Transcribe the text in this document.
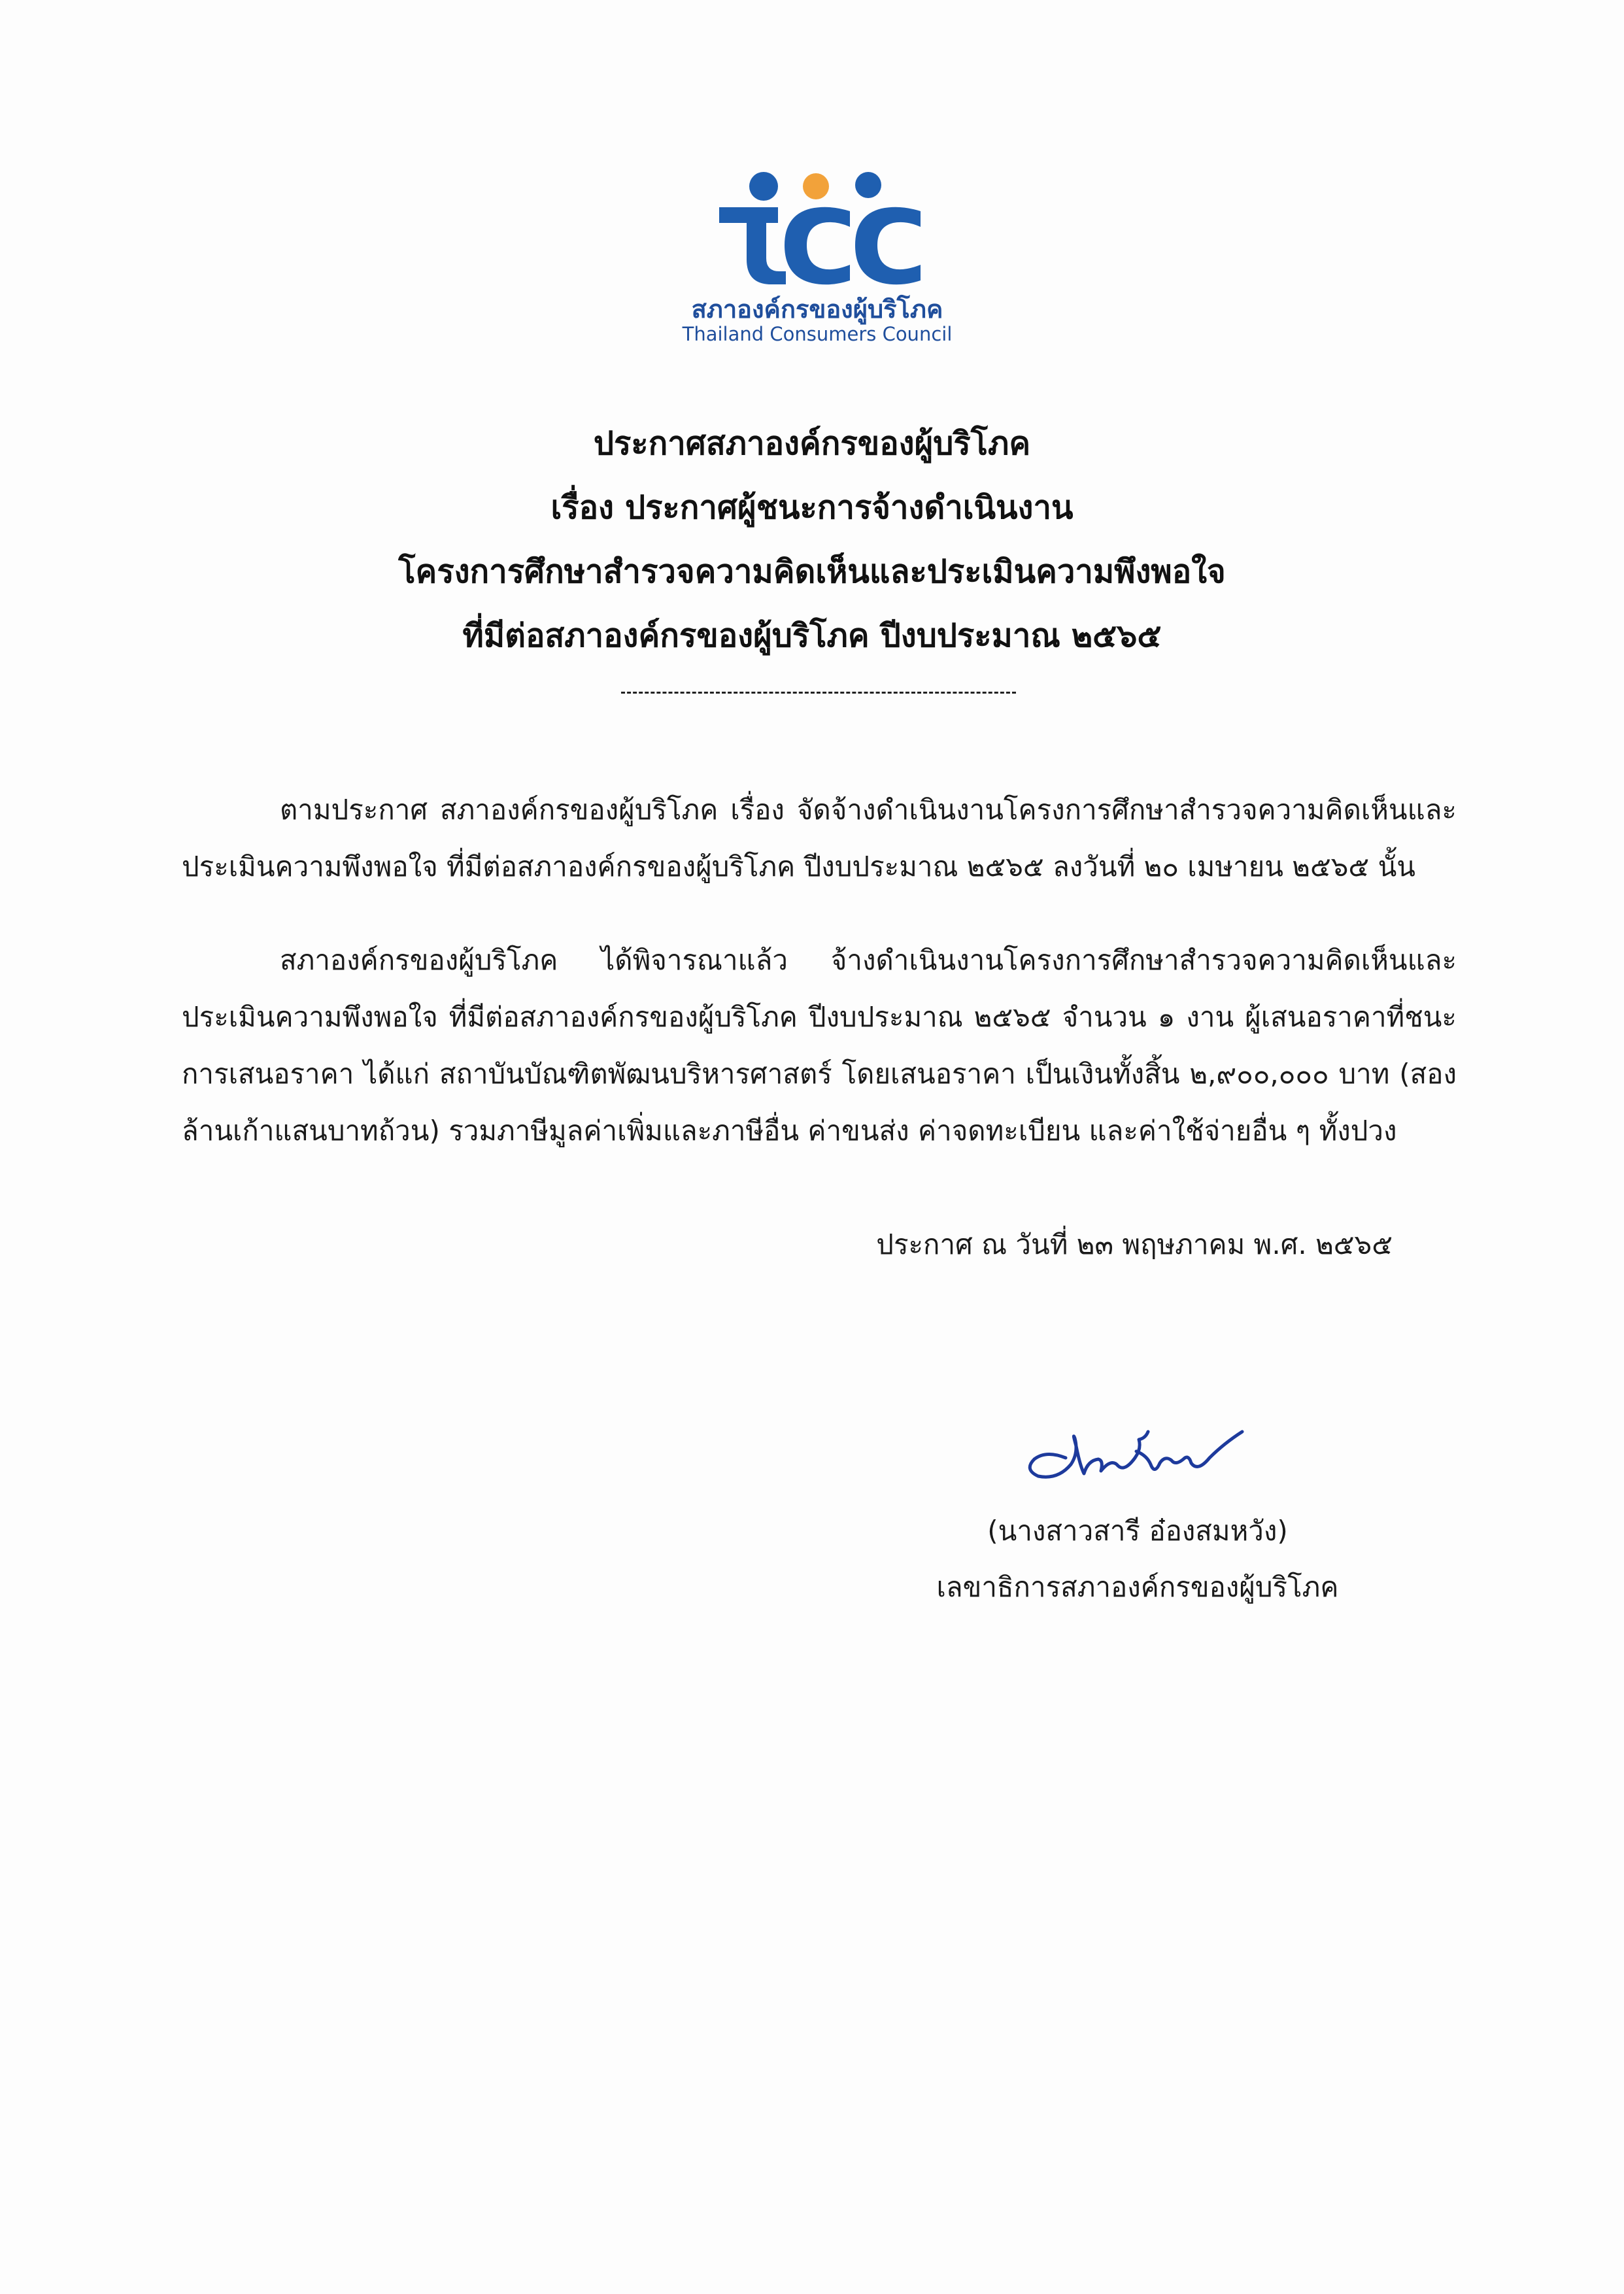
สภาองค์กรของผู้บริโภค
Thailand Consumers Council
ประกาศสภาองค์กรของผู้บริโภค
เรื่อง ประกาศผู้ชนะการจ้างดำเนินงาน
โครงการศึกษาสำรวจความคิดเห็นและประเมินความพึงพอใจ
ที่มีต่อสภาองค์กรของผู้บริโภค ปีงบประมาณ ๒๕๖๕
ตามประกาศ สภาองค์กรของผู้บริโภค เรื่อง จัดจ้างดำเนินงานโครงการศึกษาสำรวจความคิดเห็นและประเมินความพึงพอใจ ที่มีต่อสภาองค์กรของผู้บริโภค ปีงบประมาณ ๒๕๖๕ ลงวันที่ ๒๐ เมษายน ๒๕๖๕ นั้น
สภาองค์กรของผู้บริโภค ได้พิจารณาแล้ว จ้างดำเนินงานโครงการศึกษาสำรวจความคิดเห็นและประเมินความพึงพอใจ ที่มีต่อสภาองค์กรของผู้บริโภค ปีงบประมาณ ๒๕๖๕ จำนวน ๑ งาน ผู้เสนอราคาที่ชนะการเสนอราคา ได้แก่ สถาบันบัณฑิตพัฒนบริหารศาสตร์ โดยเสนอราคา เป็นเงินทั้งสิ้น ๒,๙๐๐,๐๐๐ บาท (สองล้านเก้าแสนบาทถ้วน) รวมภาษีมูลค่าเพิ่มและภาษีอื่น ค่าขนส่ง ค่าจดทะเบียน และค่าใช้จ่ายอื่น ๆ ทั้งปวง
ประกาศ ณ วันที่ ๒๓ พฤษภาคม พ.ศ. ๒๕๖๕
(นางสาวสารี อ๋องสมหวัง)
เลขาธิการสภาองค์กรของผู้บริโภค
